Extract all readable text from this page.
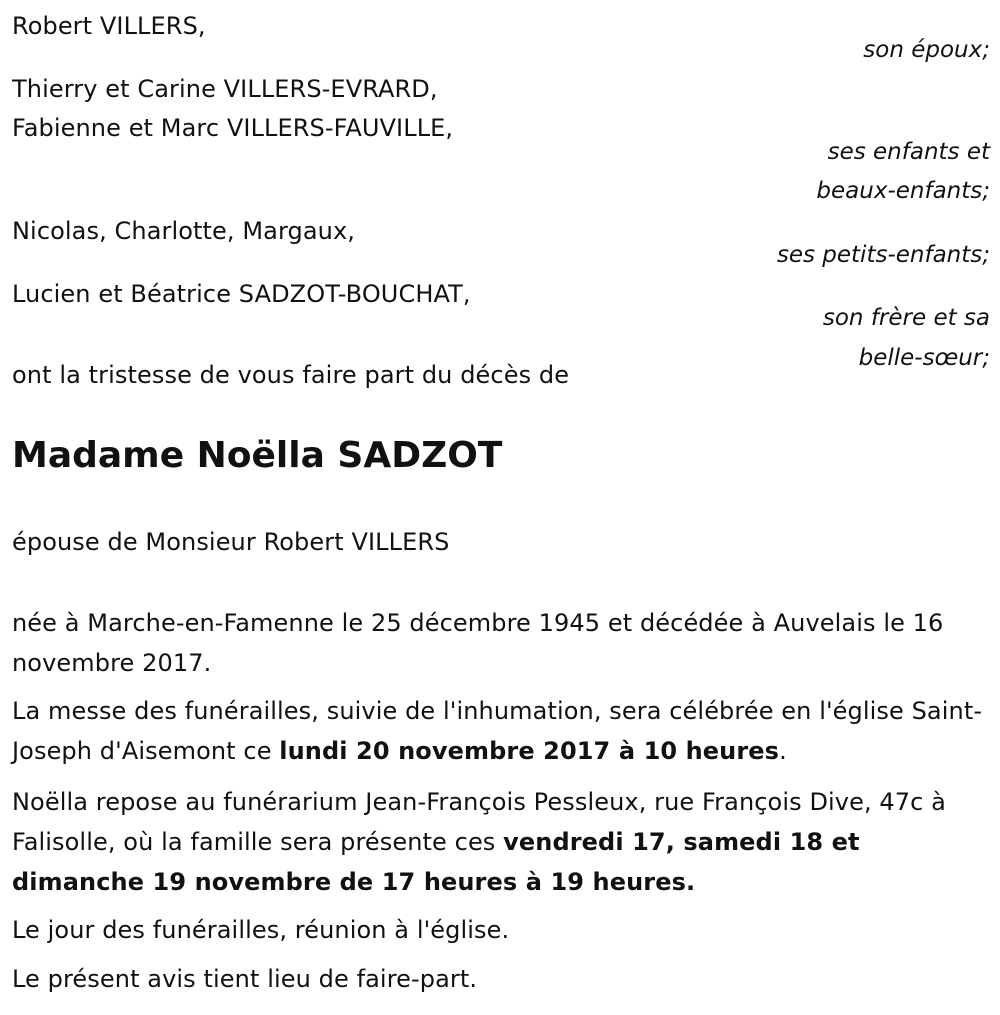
Robert VILLERS,
son époux;
Thierry et Carine VILLERS-EVRARD,
Fabienne et Marc VILLERS-FAUVILLE,
ses enfants et
beaux-enfants;
Nicolas, Charlotte, Margaux,
ses petits-enfants;
Lucien et Béatrice SADZOT-BOUCHAT,
son frère et sa
belle-sœur;
ont la tristesse de vous faire part du décès de
Madame Noëlla SADZOT
épouse de Monsieur Robert VILLERS
née à Marche-en-Famenne le 25 décembre 1945 et décédée à Auvelais le 16 novembre 2017.
La messe des funérailles, suivie de l'inhumation, sera célébrée en l'église Saint-Joseph d'Aisemont ce lundi 20 novembre 2017 à 10 heures.
Noëlla repose au funérarium Jean-François Pessleux, rue François Dive, 47c à Falisolle, où la famille sera présente ces vendredi 17, samedi 18 et dimanche 19 novembre de 17 heures à 19 heures.
Le jour des funérailles, réunion à l'église.
Le présent avis tient lieu de faire-part.
